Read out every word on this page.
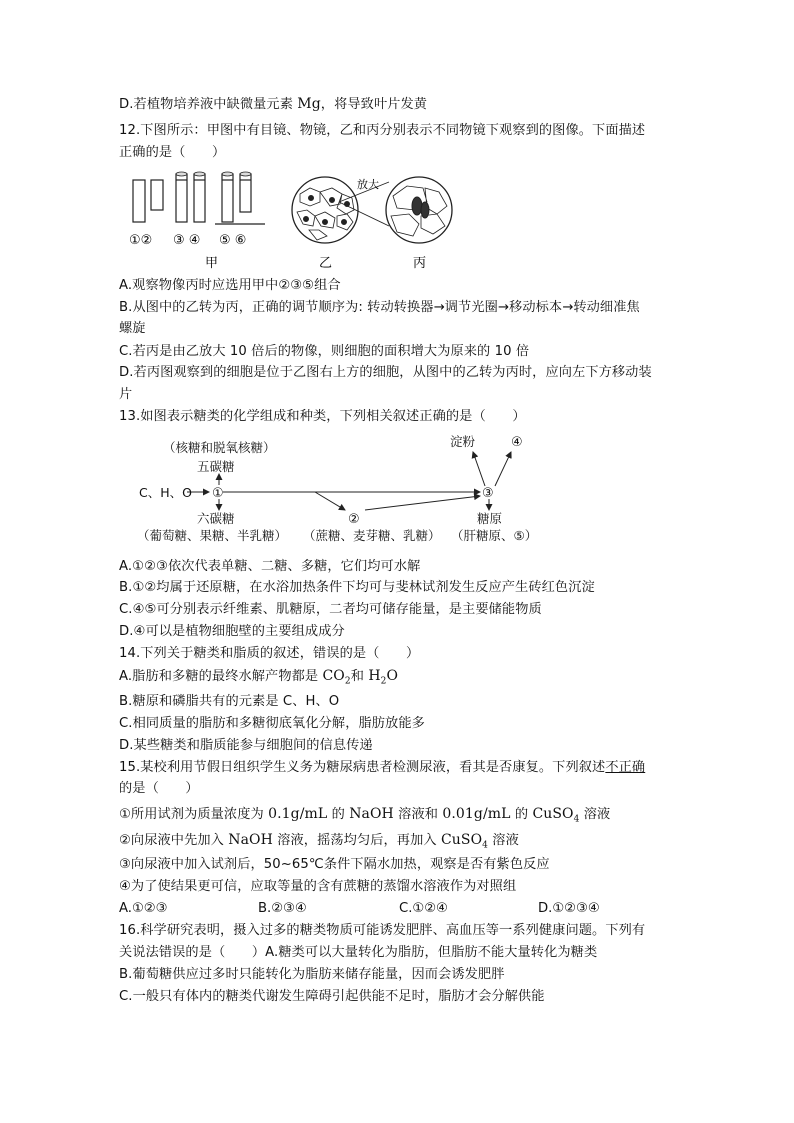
D.若植物培养液中缺微量元素 Mg，将导致叶片发黄
12.下图所示：甲图中有目镜、物镜，乙和丙分别表示不同物镜下观察到的图像。下面描述
正确的是（　　）
①② ③ ④ ⑤ ⑥
甲	乙
放大
丙
A.观察物像丙时应选用甲中②③⑤组合
B.从图中的乙转为丙，正确的调节顺序为: 转动转换器→调节光圈→移动标本→转动细准焦
螺旋
C.若丙是由乙放大 10 倍后的物像，则细胞的面积增大为原来的 10 倍
D.若丙图观察到的细胞是位于乙图右上方的细胞，从图中的乙转为丙时，应向左下方移动装
片
13.如图表示糖类的化学组成和种类，下列相关叙述正确的是（　　）
（核糖和脱氧核糖）
五碳糖
C、H、O ①
六碳糖
（葡萄糖、果糖、半乳糖）
②
（蔗糖、麦芽糖、乳糖）
③
淀粉	④
糖原
（肝糖原、⑤）
A.①②③依次代表单糖、二糖、多糖，它们均可水解
B.①②均属于还原糖，在水浴加热条件下均可与斐林试剂发生反应产生砖红色沉淀
C.④⑤可分别表示纤维素、肌糖原，二者均可储存能量，是主要储能物质
D.④可以是植物细胞壁的主要组成成分
14.下列关于糖类和脂质的叙述，错误的是（　　）
A.脂肪和多糖的最终水解产物都是 $CO_2$和 $H_2O$
B.糖原和磷脂共有的元素是 C、H、O
C.相同质量的脂肪和多糖彻底氧化分解，脂肪放能多
D.某些糖类和脂质能参与细胞间的信息传递
15.某校利用节假日组织学生义务为糖尿病患者检测尿液，看其是否康复。下列叙述不正确
的是（　　）
①所用试剂为质量浓度为 0.1g/mL 的 NaOH 溶液和 0.01g/mL 的 CuSO$_4$ 溶液
②向尿液中先加入 NaOH 溶液，摇荡均匀后，再加入 CuSO$_4$ 溶液
③向尿液中加入试剂后，50~65℃条件下隔水加热，观察是否有紫色反应
④为了使结果更可信，应取等量的含有蔗糖的蒸馏水溶液作为对照组
A.①②③	B.②③④	C.①②④	D.①②③④
16.科学研究表明，摄入过多的糖类物质可能诱发肥胖、高血压等一系列健康问题。下列有
关说法错误的是（　　）A.糖类可以大量转化为脂肪，但脂肪不能大量转化为糖类
B.葡萄糖供应过多时只能转化为脂肪来储存能量，因而会诱发肥胖
C.一般只有体内的糖类代谢发生障碍引起供能不足时，脂肪才会分解供能
